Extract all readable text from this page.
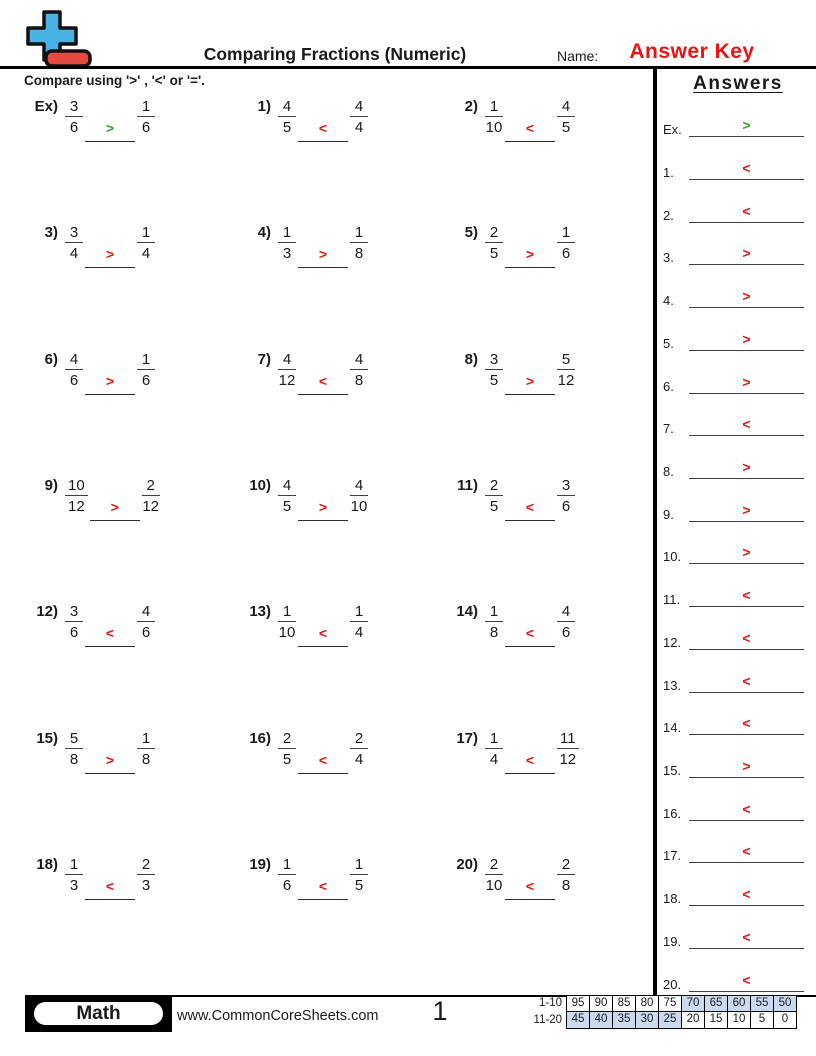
Comparing Fractions (Numeric)	Name:	Answer Key
Compare using '>' , '<' or '='.	Answers
Ex.	>
1.	<
2.	<
3.	>
4.	>
5.	>
6.	>
7.	<
8.	>
9.	>
10.	>
11.	<
12.	<
13.	<
14.	<
15.	>
16.	<
17.	<
18.	<
19.	<
20.	<
$Ex) \frac{3}{6} > \frac{1}{6}$	$1) \frac{4}{5} < \frac{4}{4}$	$2) \frac{1}{10} < \frac{4}{5}$
$3) \frac{3}{4} > \frac{1}{4}$	$4) \frac{1}{3} > \frac{1}{8}$	$5) \frac{2}{5} > \frac{1}{6}$
$6) \frac{4}{6} > \frac{1}{6}$	$7) \frac{4}{12} < \frac{4}{8}$	$8) \frac{3}{5} > \frac{5}{12}$
$9) \frac{10}{12} > \frac{2}{12}$	$10) \frac{4}{5} > \frac{4}{10}$	$11) \frac{2}{5} < \frac{3}{6}$
$12) \frac{3}{6} < \frac{4}{6}$	$13) \frac{1}{10} < \frac{1}{4}$	$14) \frac{1}{8} < \frac{4}{6}$
$15) \frac{5}{8} > \frac{1}{8}$	$16) \frac{2}{5} < \frac{2}{4}$	$17) \frac{1}{4} < \frac{11}{12}$
$18) \frac{1}{3} < \frac{2}{3}$	$19) \frac{1}{6} < \frac{1}{5}$	$20) \frac{2}{10} < \frac{2}{8}$
Math	www.CommonCoreSheets.com	1	1-10 95 90 85 80 75 70 65 60 55 50
11-20 45 40 35 30 25 20 15 10	5	0
